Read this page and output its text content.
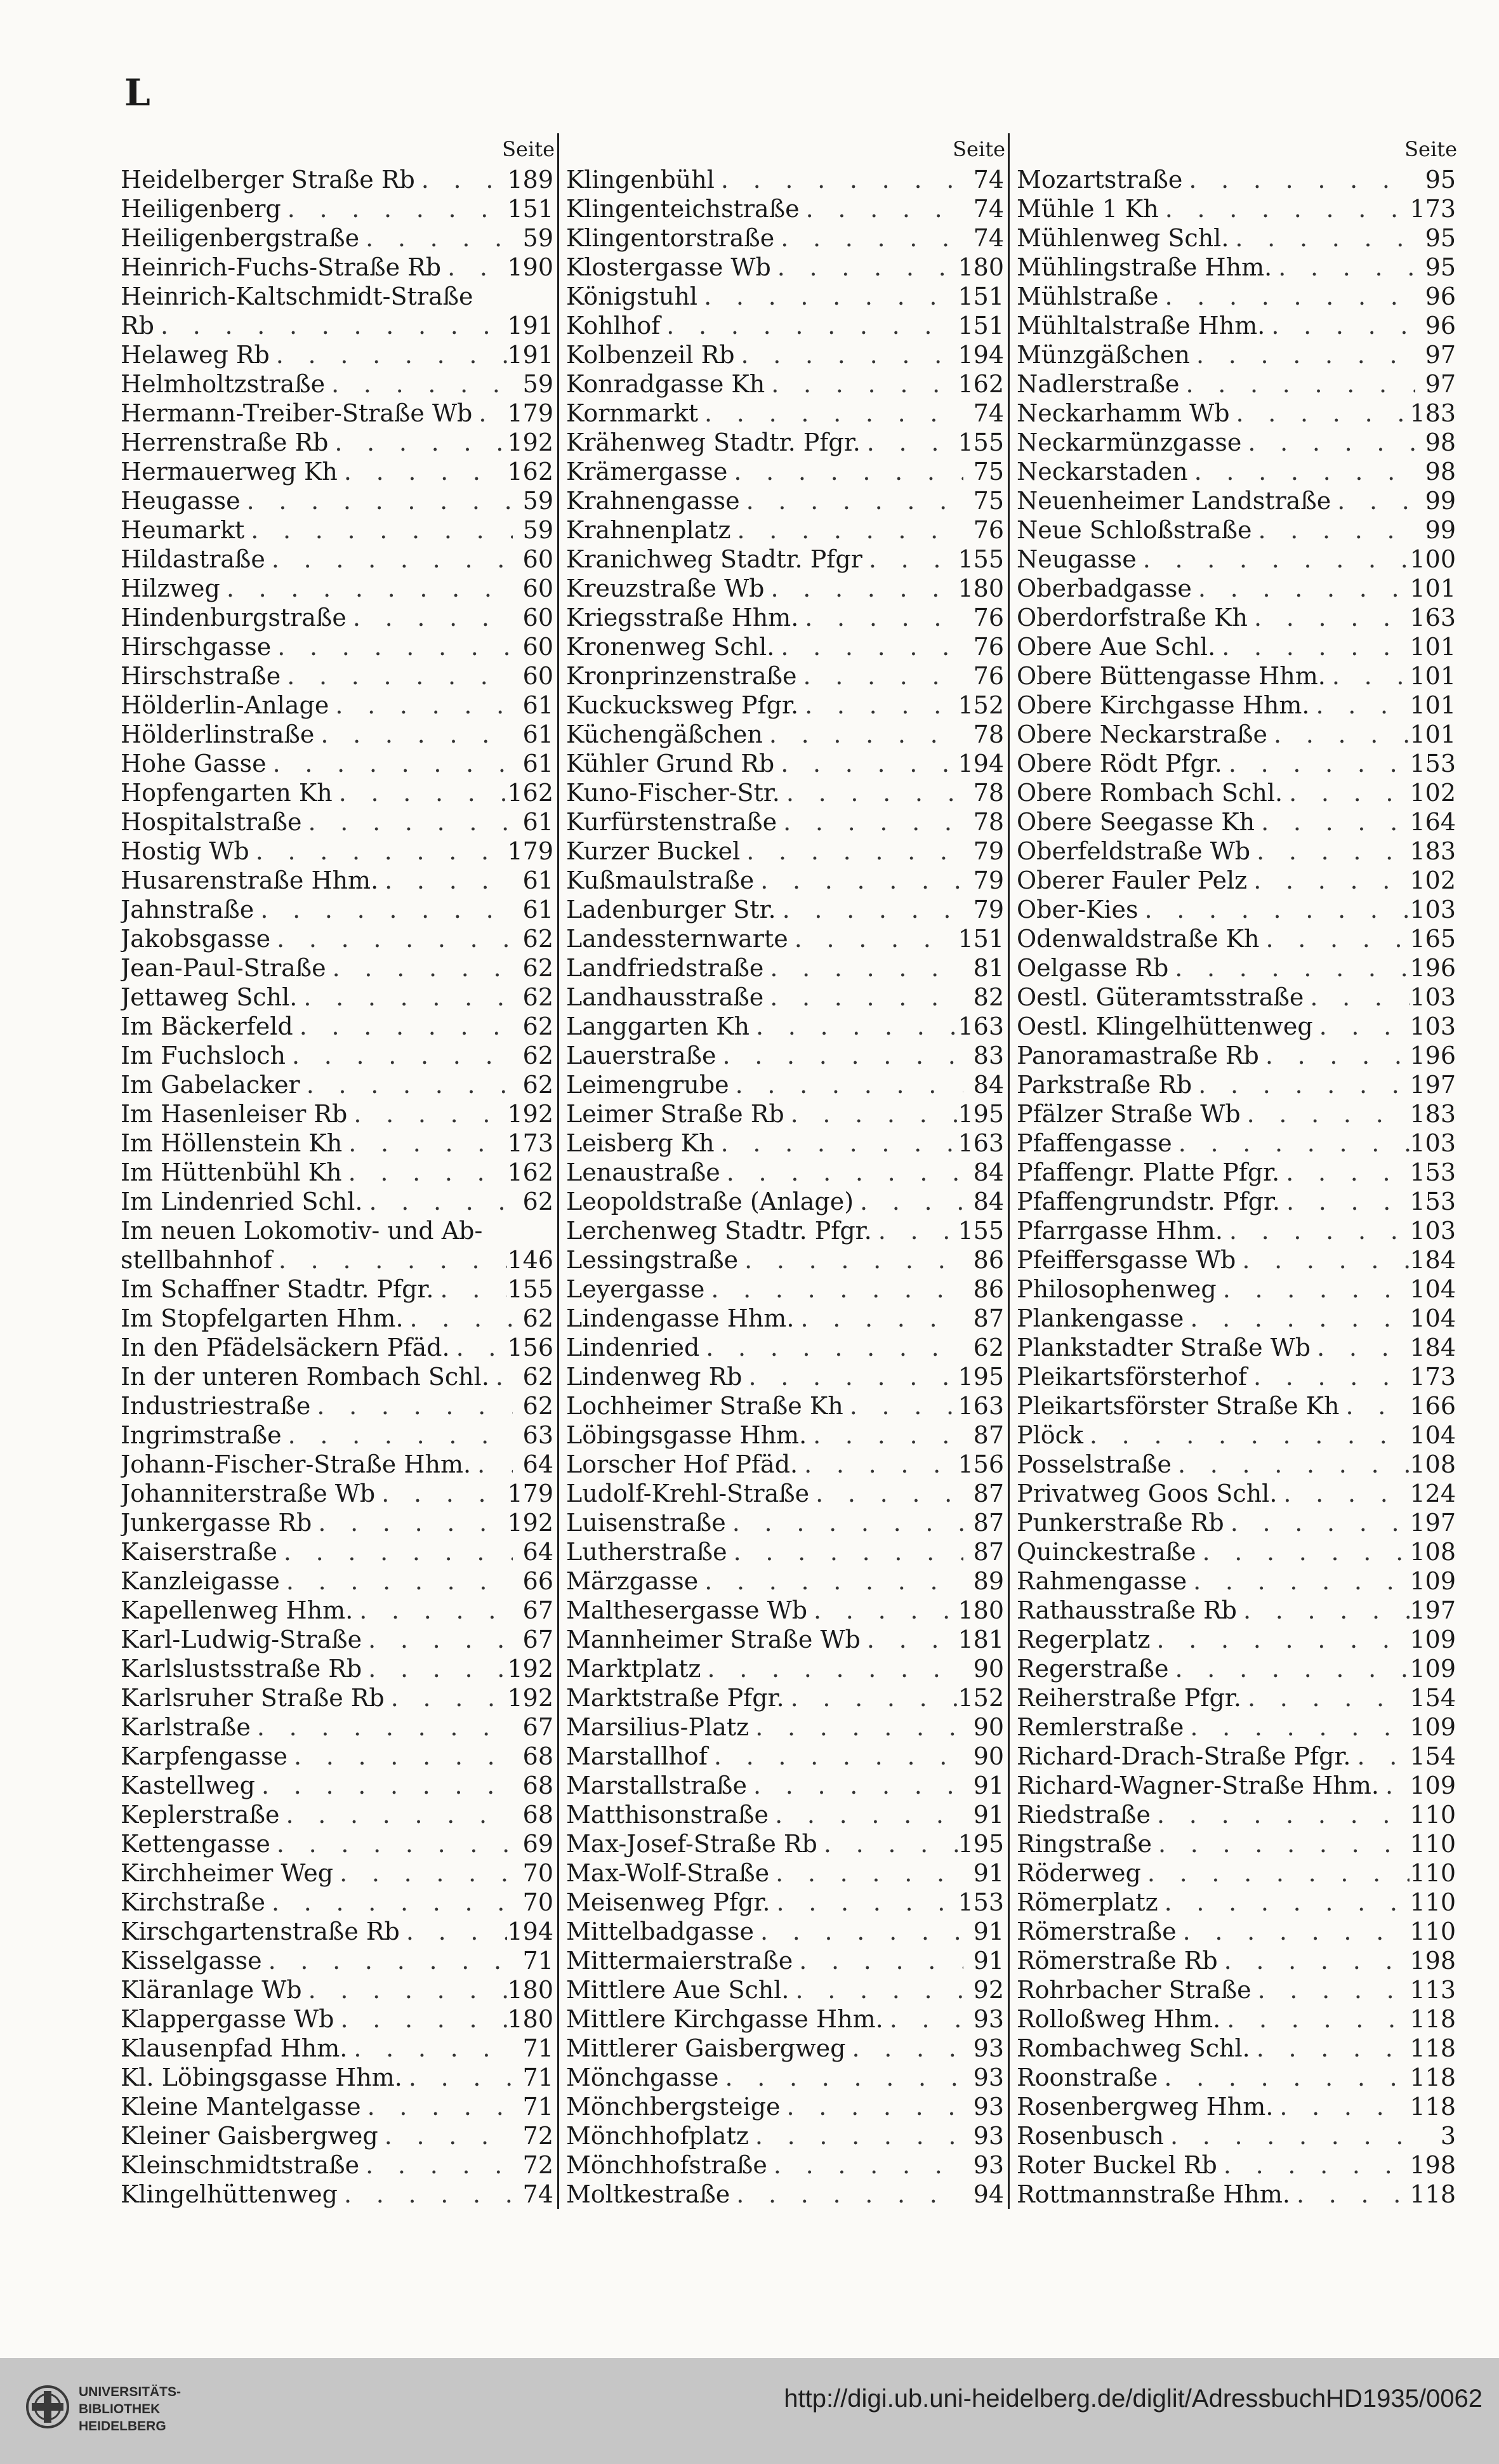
L
Seite
Heidelberger Straße Rb . . .	189
Heiligenberg . . .	151
Heiligenbergstraße . . .	59
Heinrich-Fuchs-Straße Rb . . .	190
Heinrich-Kaltschmidt-Straße
Rb . . .	191
Helaweg Rb . . .	191
Helmholtzstraße . . .	59
Hermann-Treiber-Straße Wb . . . 179
Herrenstraße Rb . . .	192
Hermauerweg Kh . . .	162
Heugasse . . .	59
Heumarkt . . .	59
Hildastraße . . .	60
Hilzweg . . .	60
Hindenburgstraße . . .	60
Hirschgasse . . .	60
Hirschstraße . . .	60
Hölderlin-Anlage . . .	61
Hölderlinstraße . . .	61
Hohe Gasse . . .	61
Hopfengarten Kh . . .	162
Hospitalstraße . . .	61
Hostig Wb . . .	179
Husarenstraße Hhm. . . .	61
Jahnstraße . . .	61
Jakobsgasse . . .	62
Jean-Paul-Straße . . .	62
Jettaweg Schl. . . .	62
Im Bäckerfeld . . .	62
Im Fuchsloch . . .	62
Im Gabelacker . . .	62
Im Hasenleiser Rb . . .	192
Im Höllenstein Kh . . .	173
Im Hüttenbühl Kh . . .	162
Im Lindenried Schl. . . .	62
Im neuen Lokomotiv- und Ab-
stellbahnhof . . .	146
Im Schaffner Stadtr. Pfgr. . . .	155
Im Stopfelgarten Hhm. . . .	62
In den Pfädelsäckern Pfäd. . . . 156
In der unteren Rombach Schl. . . .	62
Industriestraße . . .	62
Ingrimstraße . . .	63
Johann-Fischer-Straße Hhm. . . .	64
Johanniterstraße Wb . . .	179
Junkergasse Rb . . .	192
Kaiserstraße . . .	64
Kanzleigasse . . .	66
Kapellenweg Hhm. . . .	67
Karl-Ludwig-Straße . . .	67
Karlslustsstraße Rb . . .	192
Karlsruher Straße Rb . . .	192
Karlstraße . . .	67
Karpfengasse . . .	68
Kastellweg . . .	68
Keplerstraße . . .	68
Kettengasse . . .	69
Kirchheimer Weg . . .	70
Kirchstraße . . .	70
Kirschgartenstraße Rb . . .	194
Kisselgasse . . .	71
Kläranlage Wb . . .	180
Klappergasse Wb . . .	180
Klausenpfad Hhm. . . .	71
Kl. Löbingsgasse Hhm. . . .	71
Kleine Mantelgasse . . .	71
Kleiner Gaisbergweg . . .	72
Kleinschmidtstraße . . .	72
Klingelhüttenweg . . .	74
Seite
Klingenbühl . . .	74
Klingenteichstraße . . .	74
Klingentorstraße . . .	74
Klostergasse Wb . . .	180
Königstuhl . . .	151
Kohlhof . . .	151
Kolbenzeil Rb . . .	194
Konradgasse Kh . . .	162
Kornmarkt . . .	74
Krähenweg Stadtr. Pfgr. . . .	155
Krämergasse . . .	75
Krahnengasse . . .	75
Krahnenplatz . . .	76
Kranichweg Stadtr. Pfgr . . .	155
Kreuzstraße Wb . . .	180
Kriegsstraße Hhm. . . .	76
Kronenweg Schl. . . .	76
Kronprinzenstraße . . .	76
Kuckucksweg Pfgr. . . .	152
Küchengäßchen . . .	78
Kühler Grund Rb . . .	194
Kuno-Fischer-Str. . . .	78
Kurfürstenstraße . . .	78
Kurzer Buckel . . .	79
Kußmaulstraße . . .	79
Ladenburger Str. . . .	79
Landessternwarte . . .	151
Landfriedstraße . . .	81
Landhausstraße . . .	82
Langgarten Kh . . .	163
Lauerstraße . . .	83
Leimengrube . . .	84
Leimer Straße Rb . . .	195
Leisberg Kh . . .	163
Lenaustraße . . .	84
Leopoldstraße (Anlage) . . .	84
Lerchenweg Stadtr. Pfgr. . . .	155
Lessingstraße . . .	86
Leyergasse . . .	86
Lindengasse Hhm. . . .	87
Lindenried . . .	62
Lindenweg Rb . . .	195
Lochheimer Straße Kh . . .	163
Löbingsgasse Hhm. . . .	87
Lorscher Hof Pfäd. . . .	156
Ludolf-Krehl-Straße . . .	87
Luisenstraße . . .	87
Lutherstraße . . .	87
Märzgasse . . .	89
Malthesergasse Wb . . .	180
Mannheimer Straße Wb . . .	181
Marktplatz . . .	90
Marktstraße Pfgr. . . .	152
Marsilius-Platz . . .	90
Marstallhof . . .	90
Marstallstraße . . .	91
Matthisonstraße . . .	91
Max-Josef-Straße Rb . . .	195
Max-Wolf-Straße . . .	91
Meisenweg Pfgr. . . .	153
Mittelbadgasse . . .	91
Mittermaierstraße . . .	91
Mittlere Aue Schl. . . .	92
Mittlere Kirchgasse Hhm. . . .	93
Mittlerer Gaisbergweg . . .	93
Mönchgasse . . .	93
Mönchbergsteige . . .	93
Mönchhofplatz . . .	93
Mönchhofstraße . . .	93
Moltkestraße . . .	94
Seite
Mozartstraße . . .	95
Mühle 1 Kh . . .	173
Mühlenweg Schl. . . .	95
Mühlingstraße Hhm. . . .	95
Mühlstraße . . .	96
Mühltalstraße Hhm. . . .	96
Münzgäßchen . . .	97
Nadlerstraße . . .	97
Neckarhamm Wb . . .	183
Neckarmünzgasse . . .	98
Neckarstaden . . .	98
Neuenheimer Landstraße . . .	99
Neue Schloßstraße . . .	99
Neugasse . . .	100
Oberbadgasse . . .	101
Oberdorfstraße Kh . . .	163
Obere Aue Schl. . . .	101
Obere Büttengasse Hhm. . . .	101
Obere Kirchgasse Hhm. . . .	101
Obere Neckarstraße . . .	101
Obere Rödt Pfgr. . . .	153
Obere Rombach Schl. . . .	102
Obere Seegasse Kh . . .	164
Oberfeldstraße Wb . . .	183
Oberer Fauler Pelz . . .	102
Ober-Kies . . .	103
Odenwaldstraße Kh . . .	165
Oelgasse Rb . . .	196
Oestl. Güteramtsstraße . . .	103
Oestl. Klingelhüttenweg . . .	103
Panoramastraße Rb . . .	196
Parkstraße Rb . . .	197
Pfälzer Straße Wb . . .	183
Pfaffengasse . . .	103
Pfaffengr. Platte Pfgr. . . .	153
Pfaffengrundstr. Pfgr. . . .	153
Pfarrgasse Hhm. . . .	103
Pfeiffersgasse Wb . . .	184
Philosophenweg . . .	104
Plankengasse . . .	104
Plankstadter Straße Wb . . .	184
Pleikartsförsterhof . . .	173
Pleikartsförster Straße Kh . . .	166
Plöck . . .	104
Posselstraße . . .	108
Privatweg Goos Schl. . . .	124
Punkerstraße Rb . . .	197
Quinckestraße . . .	108
Rahmengasse . . .	109
Rathausstraße Rb . . .	197
Regerplatz . . .	109
Regerstraße . . .	109
Reiherstraße Pfgr. . . .	154
Remlerstraße . . .	109
Richard-Drach-Straße Pfgr. . . . 154
Richard-Wagner-Straße Hhm. . . . 109
Riedstraße . . .	110
Ringstraße . . .	110
Röderweg . . .	110
Römerplatz . . .	110
Römerstraße . . .	110
Römerstraße Rb . . .	198
Rohrbacher Straße . . .	113
Rolloßweg Hhm. . . .	118
Rombachweg Schl. . . .	118
Roonstraße . . .	118
Rosenbergweg Hhm. . . .	118
Rosenbusch . . .	3
Roter Buckel Rb . . .	198
Rottmannstraße Hhm. . . .	118
UNIVERSITÄTS-
BIBLIOTHEK
HEIDELBERG
http://digi.ub.uni-heidelberg.de/diglit/AdressbuchHD1935/0062
